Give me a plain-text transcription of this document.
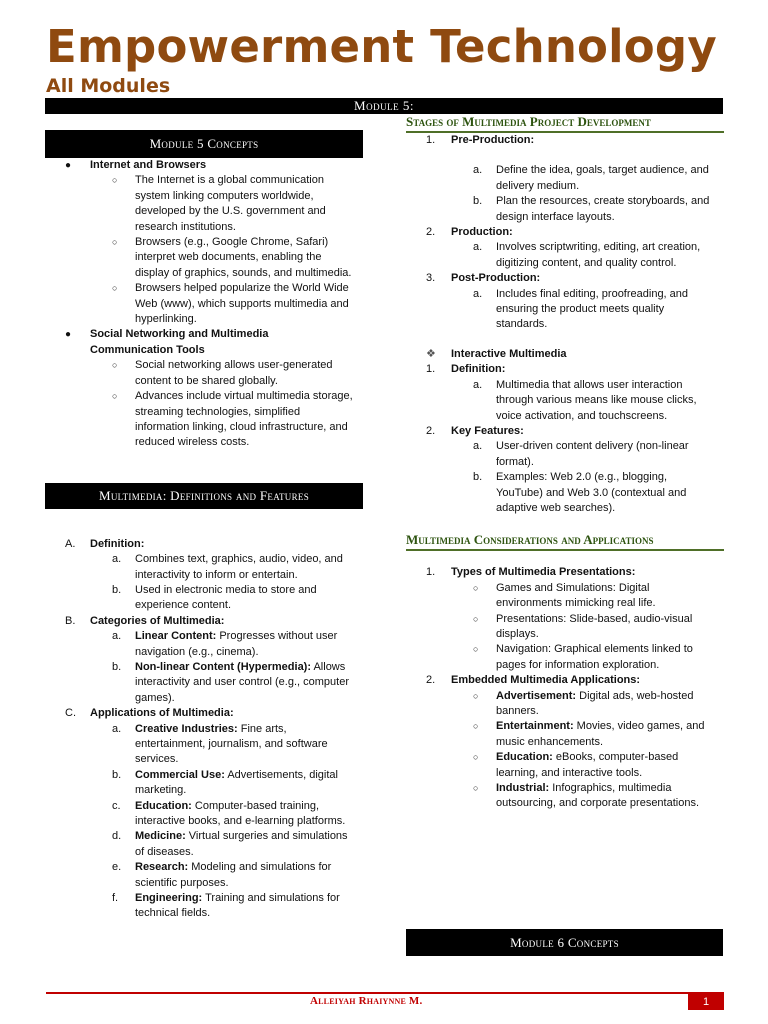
Empowerment Technology
All Modules
Module 5:
Module 5 Concepts
● Internet and Browsers
○ The Internet is a global communication
system linking computers worldwide,
developed by the U.S. government and
research institutions.
○ Browsers (e.g., Google Chrome, Safari)
interpret web documents, enabling the
display of graphics, sounds, and multimedia.
○ Browsers helped popularize the World Wide
Web (www), which supports multimedia and
hyperlinking.
● Social Networking and Multimedia
Communication Tools
○ Social networking allows user-generated
content to be shared globally.
○ Advances include virtual multimedia storage,
streaming technologies, simplified
information linking, cloud infrastructure, and
reduced wireless costs.
Multimedia: Definitions and Features
A. Definition:
a. Combines text, graphics, audio, video, and
interactivity to inform or entertain.
b. Used in electronic media to store and
experience content.
B. Categories of Multimedia:
a. Linear Content: Progresses without user
navigation (e.g., cinema).
b. Non-linear Content (Hypermedia): Allows
interactivity and user control (e.g., computer
games).
C. Applications of Multimedia:
a. Creative Industries: Fine arts,
entertainment, journalism, and software
services.
b. Commercial Use: Advertisements, digital
marketing.
c. Education: Computer-based training,
interactive books, and e-learning platforms.
d. Medicine: Virtual surgeries and simulations
of diseases.
e. Research: Modeling and simulations for
scientific purposes.
f. Engineering: Training and simulations for
technical fields.
Stages of Multimedia Project Development
1. Pre-Production:
a. Define the idea, goals, target audience, and
delivery medium.
b. Plan the resources, create storyboards, and
design interface layouts.
2. Production:
a. Involves scriptwriting, editing, art creation,
digitizing content, and quality control.
3. Post-Production:
a. Includes final editing, proofreading, and
ensuring the product meets quality
standards.
❖ Interactive Multimedia
1. Definition:
a. Multimedia that allows user interaction
through various means like mouse clicks,
voice activation, and touchscreens.
2. Key Features:
a. User-driven content delivery (non-linear
format).
b. Examples: Web 2.0 (e.g., blogging,
YouTube) and Web 3.0 (contextual and
adaptive web searches).
Multimedia Considerations and Applications
1. Types of Multimedia Presentations:
○ Games and Simulations: Digital
environments mimicking real life.
○ Presentations: Slide-based, audio-visual
displays.
○ Navigation: Graphical elements linked to
pages for information exploration.
2. Embedded Multimedia Applications:
○ Advertisement: Digital ads, web-hosted
banners.
○ Entertainment: Movies, video games, and
music enhancements.
○ Education: eBooks, computer-based
learning, and interactive tools.
○ Industrial: Infographics, multimedia
outsourcing, and corporate presentations.
Module 6 Concepts
Alleiyah Rhaiynne M.	1
